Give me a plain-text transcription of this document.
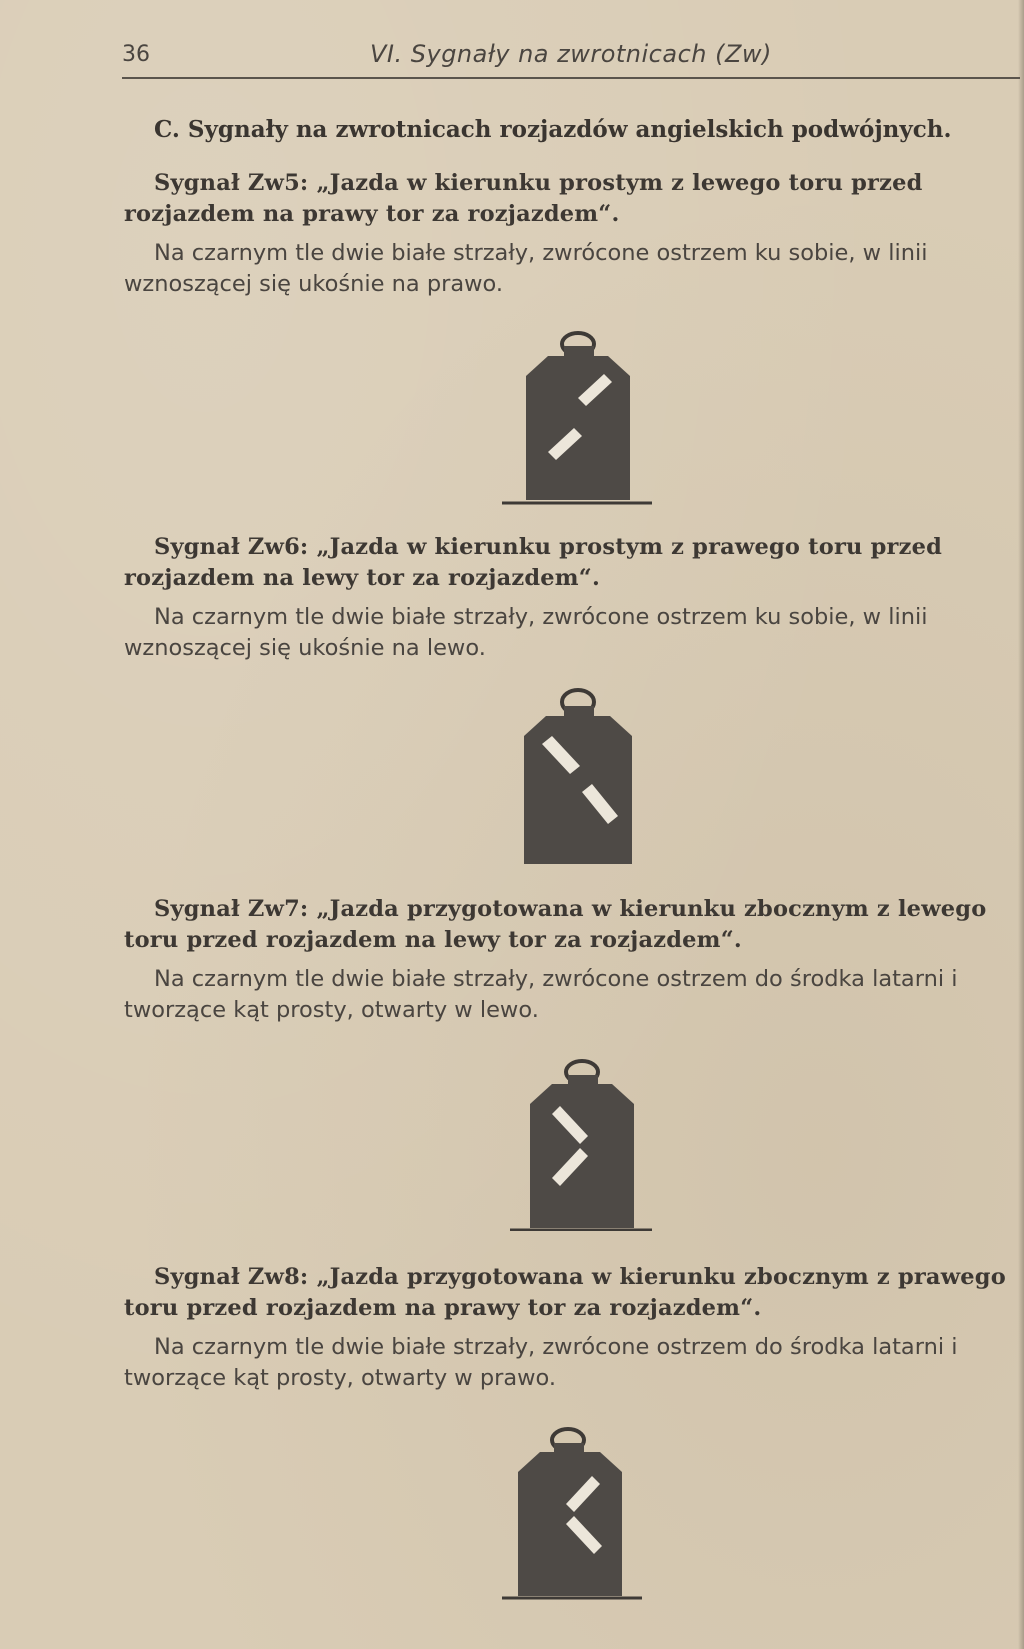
36	VI. Sygnały na zwrotnicach (Zw)
C. Sygnały na zwrotnicach rozjazdów angielskich podwójnych.
Sygnał Zw5: „Jazda w kierunku prostym z lewego toru przed rozjazdem na prawy tor za rozjazdem“.
Na czarnym tle dwie białe strzały, zwrócone ostrzem ku sobie, w linii wznoszącej się ukośnie na prawo.
Sygnał Zw6: „Jazda w kierunku prostym z prawego toru przed rozjazdem na lewy tor za rozjazdem“.
Na czarnym tle dwie białe strzały, zwrócone ostrzem ku sobie, w linii wznoszącej się ukośnie na lewo.
Sygnał Zw7: „Jazda przygotowana w kierunku zbocznym z lewego toru przed rozjazdem na lewy tor za rozjazdem“.
Na czarnym tle dwie białe strzały, zwrócone ostrzem do środka latarni i tworzące kąt prosty, otwarty w lewo.
Sygnał Zw8: „Jazda przygotowana w kierunku zbocznym z prawego toru przed rozjazdem na prawy tor za rozjazdem“.
Na czarnym tle dwie białe strzały, zwrócone ostrzem do środka latarni i tworzące kąt prosty, otwarty w prawo.
